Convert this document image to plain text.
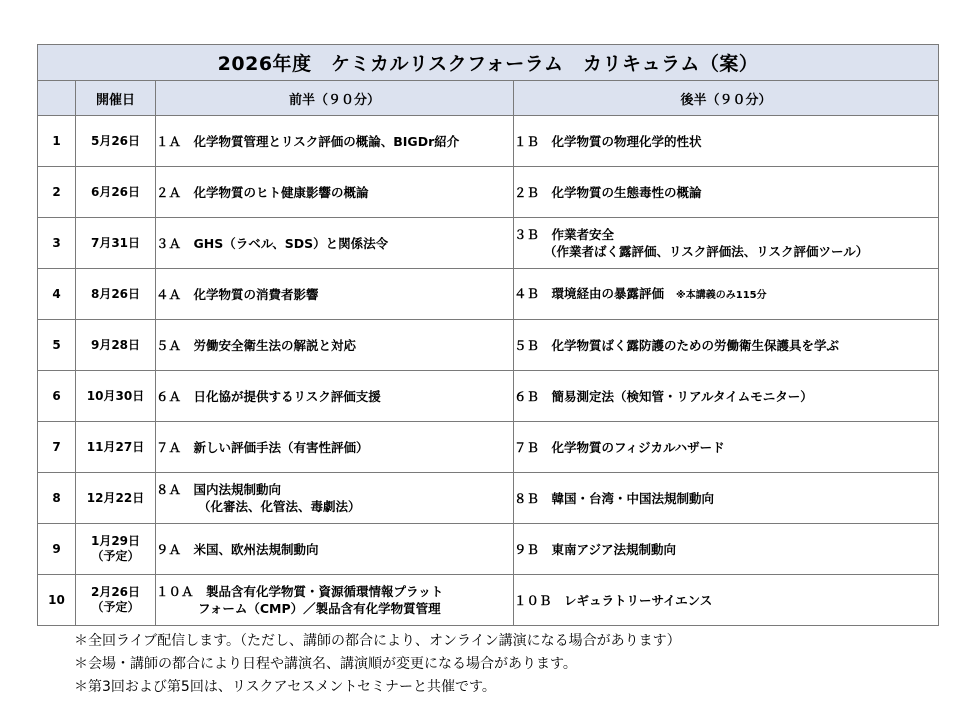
2026年度　ケミカルリスクフォーラム　カリキュラム（案）			
	開催日	前半（９０分）	後半（９０分）
1	5月26日	１Ａ　化学物質管理とリスク評価の概論、BIGDr紹介	１Ｂ　化学物質の物理化学的性状

2	6月26日	２Ａ　化学物質のヒト健康影響の概論	２Ｂ　化学物質の生態毒性の概論

3	7月31日	３Ａ　GHS（ラベル、SDS）と関係法令	３Ｂ　作業者安全
（作業者ばく露評価、リスク評価法、リスク評価ツール）

4	8月26日	４Ａ　化学物質の消費者影響	４Ｂ　環境経由の暴露評価 ※本講義のみ115分

5	9月28日	５Ａ　労働安全衛生法の解説と対応	５Ｂ　化学物質ばく露防護のための労働衛生保護具を学ぶ

6	10月30日	６Ａ　日化協が提供するリスク評価支援	６Ｂ　簡易測定法（検知管・リアルタイムモニター）

7	11月27日	７Ａ　新しい評価手法（有害性評価）	７Ｂ　化学物質のフィジカルハザード

8	12月22日	８Ａ　国内法規制動向
（化審法、化管法、毒劇法）	８Ｂ　韓国・台湾・中国法規制動向

9	1月29日
（予定）	９Ａ　米国、欧州法規制動向	９Ｂ　東南アジア法規制動向

10	2月26日
（予定）	１０Ａ　製品含有化学物質・資源循環情報プラット
フォーム（CMP）／製品含有化学物質管理	１０Ｂ　レギュラトリーサイエンス
＊全回ライブ配信します。（ただし、講師の都合により、オンライン講演になる場合があります）
＊会場・講師の都合により日程や講演名、講演順が変更になる場合があります。
＊第3回および第5回は、リスクアセスメントセミナーと共催です。
